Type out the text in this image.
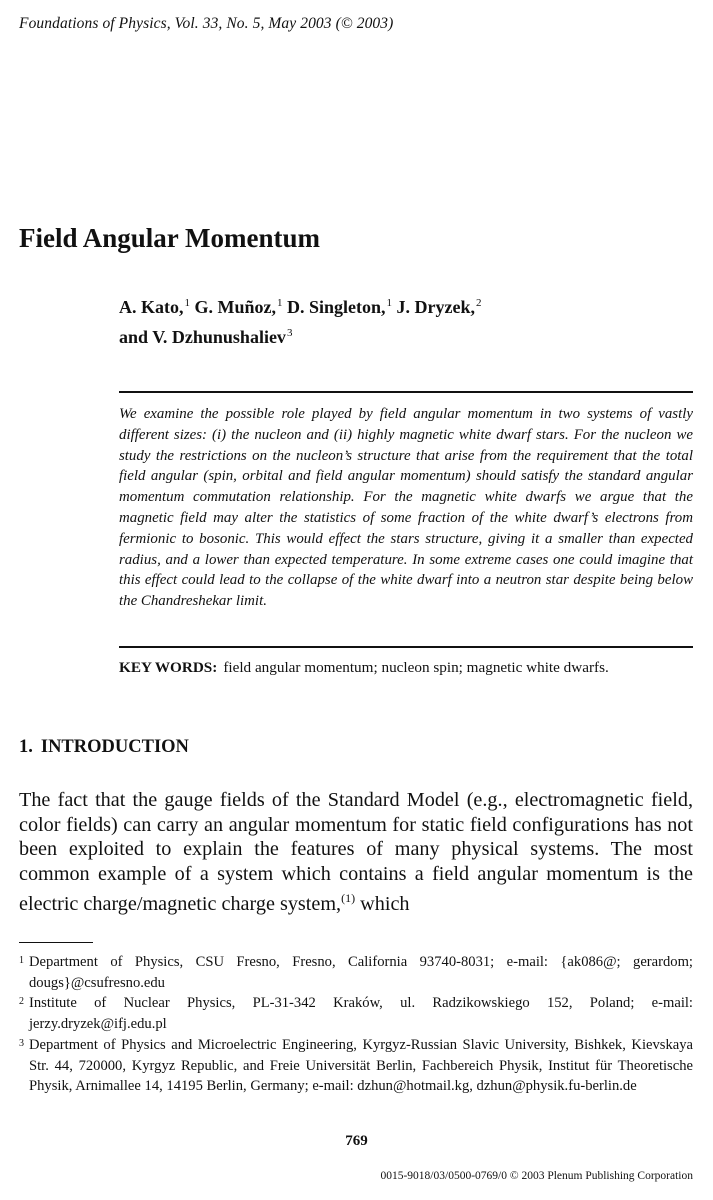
Foundations of Physics, Vol. 33, No. 5, May 2003 (© 2003)
Field Angular Momentum
A. Kato,$^1$ G. Muñoz,$^1$ D. Singleton,$^1$ J. Dryzek,$^2$
and V. Dzhunushaliev$^3$

We examine the possible role played by field angular momentum in two systems of vastly different sizes: (i) the nucleon and (ii) highly magnetic white dwarf stars. For the nucleon we study the restrictions on the nucleon’s structure that arise from the requirement that the total field angular (spin, orbital and field angular momentum) should satisfy the standard angular momentum commutation relationship. For the magnetic white dwarfs we argue that the magnetic field may alter the statistics of some fraction of the white dwarf’s electrons from fermionic to bosonic. This would effect the stars structure, giving it a smaller than expected radius, and a lower than expected temperature. In some extreme cases one could imagine that this effect could lead to the collapse of the white dwarf into a neutron star despite being below the Chandreshekar limit.

KEY WORDS: field angular momentum; nucleon spin; magnetic white dwarfs.
1. INTRODUCTION

The fact that the gauge fields of the Standard Model (e.g., electromagnetic field, color fields) can carry an angular momentum for static field configurations has not been exploited to explain the features of many physical systems. The most common example of a system which contains a field angular momentum is the electric charge/magnetic charge system,$^{(1)}$ which

1 Department of Physics, CSU Fresno, Fresno, California 93740-8031; e-mail: {ak086@; gerardom; dougs}@csufresno.edu
2 Institute of Nuclear Physics, PL-31-342 Kraków, ul. Radzikowskiego 152, Poland; e-mail: jerzy.dryzek@ifj.edu.pl
3 Department of Physics and Microelectric Engineering, Kyrgyz-Russian Slavic University, Bishkek, Kievskaya Str. 44, 720000, Kyrgyz Republic, and Freie Universität Berlin, Fachbereich Physik, Institut für Theoretische Physik, Arnimallee 14, 14195 Berlin, Germany; e-mail: dzhun@hotmail.kg, dzhun@physik.fu-berlin.de
769
0015-9018/03/0500-0769/0 © 2003 Plenum Publishing Corporation
